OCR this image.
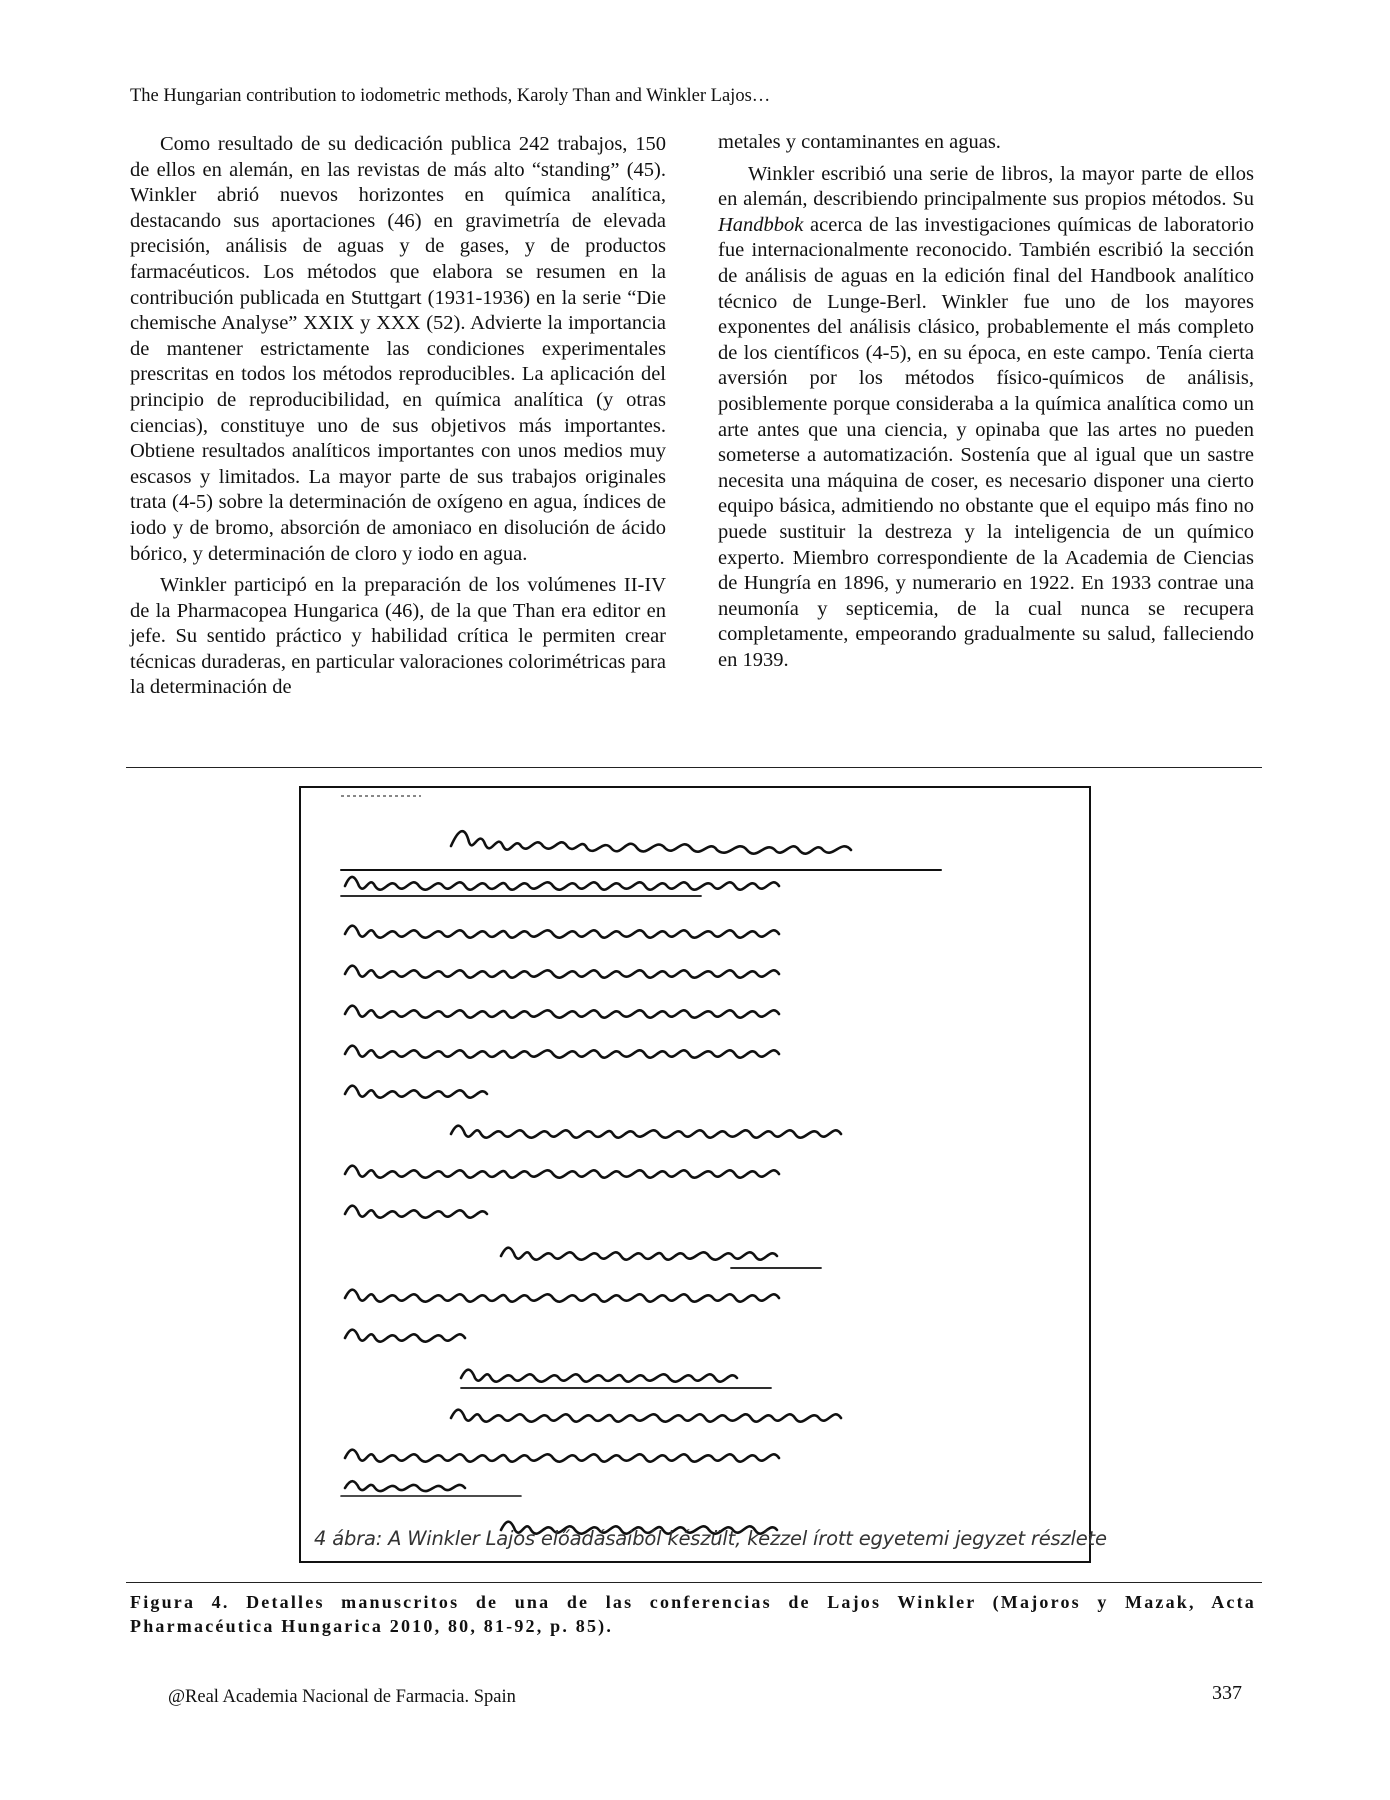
The Hungarian contribution to iodometric methods, Karoly Than and Winkler Lajos…

Como resultado de su dedicación publica 242 trabajos, 150 de ellos en alemán, en las revistas de más alto “standing” (45). Winkler abrió nuevos horizontes en química analítica, destacando sus aportaciones (46) en gravimetría de elevada precisión, análisis de aguas y de gases, y de productos farmacéuticos. Los métodos que elabora se resumen en la contribución publicada en Stuttgart (1931-1936) en la serie “Die chemische Analyse” XXIX y XXX (52). Advierte la importancia de mantener estrictamente las condiciones experimentales prescritas en todos los métodos reproducibles. La aplicación del principio de reproducibilidad, en química analítica (y otras ciencias), constituye uno de sus objetivos más importantes. Obtiene resultados analíticos importantes con unos medios muy escasos y limitados. La mayor parte de sus trabajos originales trata (4-5) sobre la determinación de oxígeno en agua, índices de iodo y de bromo, absorción de amoniaco en disolución de ácido bórico, y determinación de cloro y iodo en agua.

Winkler participó en la preparación de los volúmenes II-IV de la Pharmacopea Hungarica (46), de la que Than era editor en jefe. Su sentido práctico y habilidad crítica le permiten crear técnicas duraderas, en particular valoraciones colorimétricas para la determinación de

metales y contaminantes en aguas.

Winkler escribió una serie de libros, la mayor parte de ellos en alemán, describiendo principalmente sus propios métodos. Su Handbbok acerca de las investigaciones químicas de laboratorio fue internacionalmente reconocido. También escribió la sección de análisis de aguas en la edición final del Handbook analítico técnico de Lunge-Berl. Winkler fue uno de los mayores exponentes del análisis clásico, probablemente el más completo de los científicos (4-5), en su época, en este campo. Tenía cierta aversión por los métodos físico-químicos de análisis, posiblemente porque consideraba a la química analítica como un arte antes que una ciencia, y opinaba que las artes no pueden someterse a automatización. Sostenía que al igual que un sastre necesita una máquina de coser, es necesario disponer una cierto equipo básica, admitiendo no obstante que el equipo más fino no puede sustituir la destreza y la inteligencia de un químico experto. Miembro correspondiente de la Academia de Ciencias de Hungría en 1896, y numerario en 1922. En 1933 contrae una neumonía y septicemia, de la cual nunca se recupera completamente, empeorando gradualmente su salud, falleciendo en 1939.

4 ábra: A Winkler Lajos előadásaiból készült, kézzel írott egyetemi jegyzet részlete
Figura 4. Detalles manuscritos de una de las conferencias de Lajos Winkler (Majoros y Mazak, Acta Pharmacéutica Hungarica 2010, 80, 81-92, p. 85).
@Real Academia Nacional de Farmacia. Spain	337
